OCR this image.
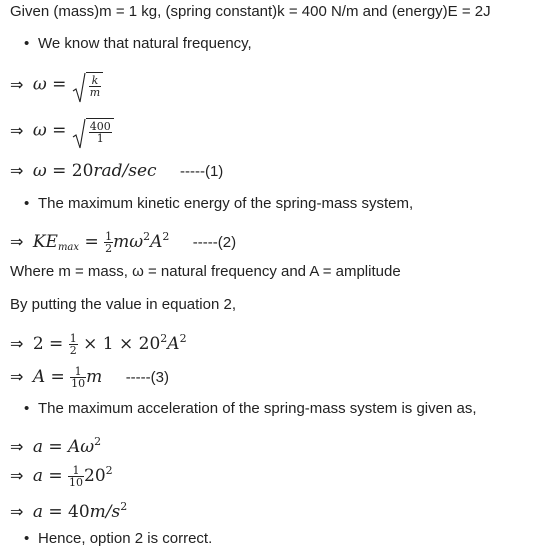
Given (mass)m = 1 kg, (spring constant)k = 400 N/m and (energy)E = 2J
• We know that natural frequency,
⇒ $\omega = \frac{k}{m}$
⇒ $\omega = \frac{400}{1}$
⇒ ω = 20rad/sec -----(1)
• The maximum kinetic energy of the spring-mass system,
⇒ $KE_{max} = \frac{1}{2} m\omega^2A^2$ -----(2)
Where m = mass, ω = natural frequency and A = amplitude
By putting the value in equation 2,
⇒ $2 = \frac{1}{2} \times 1 \times 20^2A^2$
⇒ $A = \frac{1}{10}$ m -----(3)
• The maximum acceleration of the spring-mass system is given as,
⇒ $a = A\omega^2$
⇒ $a = \frac{1}{10} 20^2$
⇒ $a = 40m/s^2$
• Hence, option 2 is correct.
